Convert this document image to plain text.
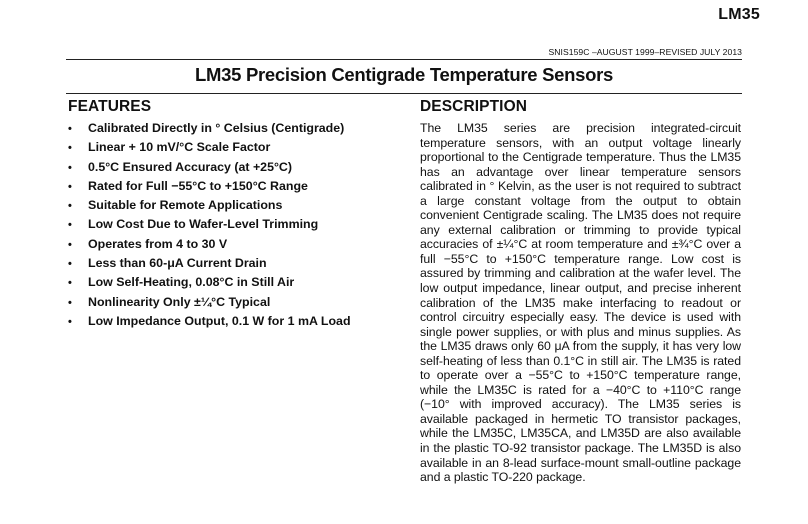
LM35
SNIS159C –AUGUST 1999–REVISED JULY 2013
LM35 Precision Centigrade Temperature Sensors
FEATURES
•	Calibrated Directly in ° Celsius (Centigrade)
•	Linear + 10 mV/°C Scale Factor
•	0.5°C Ensured Accuracy (at +25°C)
•	Rated for Full −55°C to +150°C Range
•	Suitable for Remote Applications
•	Low Cost Due to Wafer-Level Trimming
•	Operates from 4 to 30 V
•	Less than 60-μA Current Drain
•	Low Self-Heating, 0.08°C in Still Air
•	Nonlinearity Only ±¼°C Typical
•	Low Impedance Output, 0.1 W for 1 mA Load
DESCRIPTION
The LM35 series are precision integrated-circuit temperature sensors, with an output voltage linearly proportional to the Centigrade temperature. Thus the LM35 has an advantage over linear temperature sensors calibrated in ° Kelvin, as the user is not required to subtract a large constant voltage from the output to obtain convenient Centigrade scaling. The LM35 does not require any external calibration or trimming to provide typical accuracies of ±¼°C at room temperature and ±¾°C over a full −55°C to +150°C temperature range. Low cost is assured by trimming and calibration at the wafer level. The low output impedance, linear output, and precise inherent calibration of the LM35 make interfacing to readout or control circuitry especially easy. The device is used with single power supplies, or with plus and minus supplies. As the LM35 draws only 60 μA from the supply, it has very low self-heating of less than 0.1°C in still air. The LM35 is rated to operate over a −55°C to +150°C temperature range, while the LM35C is rated for a −40°C to +110°C range (−10° with improved accuracy). The LM35 series is available packaged in hermetic TO transistor packages, while the LM35C, LM35CA, and LM35D are also available in the plastic TO-92 transistor package. The LM35D is also available in an 8-lead surface-mount small-outline package and a plastic TO-220 package.
